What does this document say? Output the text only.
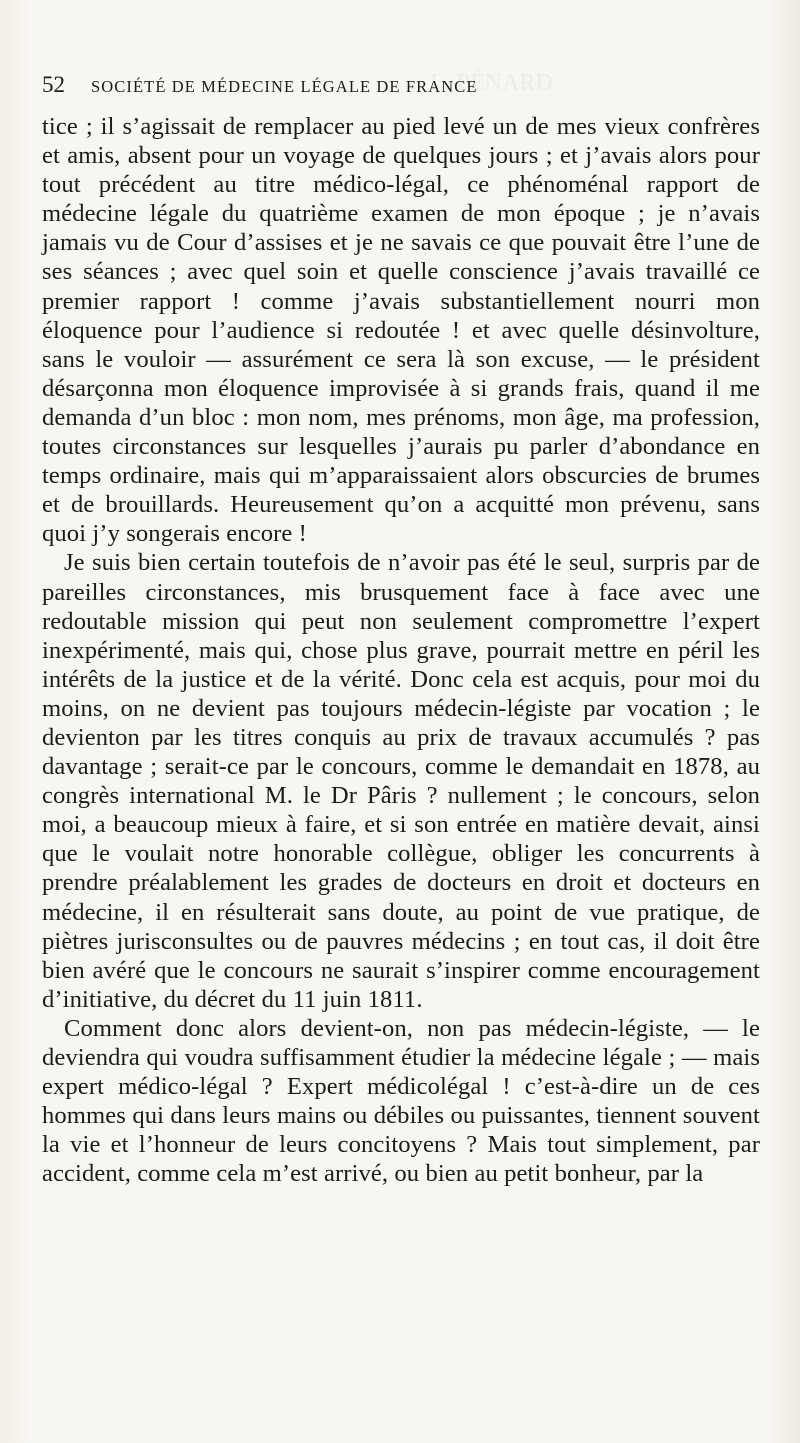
L. PÉNARD
52 SOCIÉTÉ DE MÉDECINE LÉGALE DE FRANCE

tice ; il s’agissait de remplacer au pied levé un de mes vieux confrères et amis, absent pour un voyage de quelques jours ; et j’avais alors pour tout précédent au titre médico-légal, ce phénoménal rapport de médecine légale du quatrième examen de mon époque ; je n’avais jamais vu de Cour d’assises et je ne savais ce que pouvait être l’une de ses séances ; avec quel soin et quelle conscience j’avais travaillé ce premier rapport ! comme j’avais substantiellement nourri mon éloquence pour l’audience si redoutée ! et avec quelle désinvolture, sans le vouloir — assurément ce sera là son excuse, — le président désarçonna mon éloquence improvisée à si grands frais, quand il me demanda d’un bloc : mon nom, mes prénoms, mon âge, ma profession, toutes circonstances sur lesquelles j’aurais pu parler d’abondance en temps ordinaire, mais qui m’apparaissaient alors obscurcies de brumes et de brouillards. Heureusement qu’on a acquitté mon prévenu, sans quoi j’y songerais encore !

Je suis bien certain toutefois de n’avoir pas été le seul, surpris par de pareilles circonstances, mis brusquement face à face avec une redoutable mission qui peut non seulement compromettre l’expert inexpérimenté, mais qui, chose plus grave, pourrait mettre en péril les intérêts de la justice et de la vérité. Donc cela est acquis, pour moi du moins, on ne devient pas toujours médecin-légiste par vocation ; le devienton par les titres conquis au prix de travaux accumulés ? pas davantage ; serait-ce par le concours, comme le demandait en 1878, au congrès international M. le Dr Pâris ? nullement ; le concours, selon moi, a beaucoup mieux à faire, et si son entrée en matière devait, ainsi que le voulait notre honorable collègue, obliger les concurrents à prendre préalablement les grades de docteurs en droit et docteurs en médecine, il en résulterait sans doute, au point de vue pratique, de piètres jurisconsultes ou de pauvres médecins ; en tout cas, il doit être bien avéré que le concours ne saurait s’inspirer comme encouragement d’initiative, du décret du 11 juin 1811.

Comment donc alors devient-on, non pas médecin-légiste, — le deviendra qui voudra suffisamment étudier la médecine légale ; — mais expert médico-légal ? Expert médicolégal ! c’est-à-dire un de ces hommes qui dans leurs mains ou débiles ou puissantes, tiennent souvent la vie et l’honneur de leurs concitoyens ? Mais tout simplement, par accident, comme cela m’est arrivé, ou bien au petit bonheur, par la
